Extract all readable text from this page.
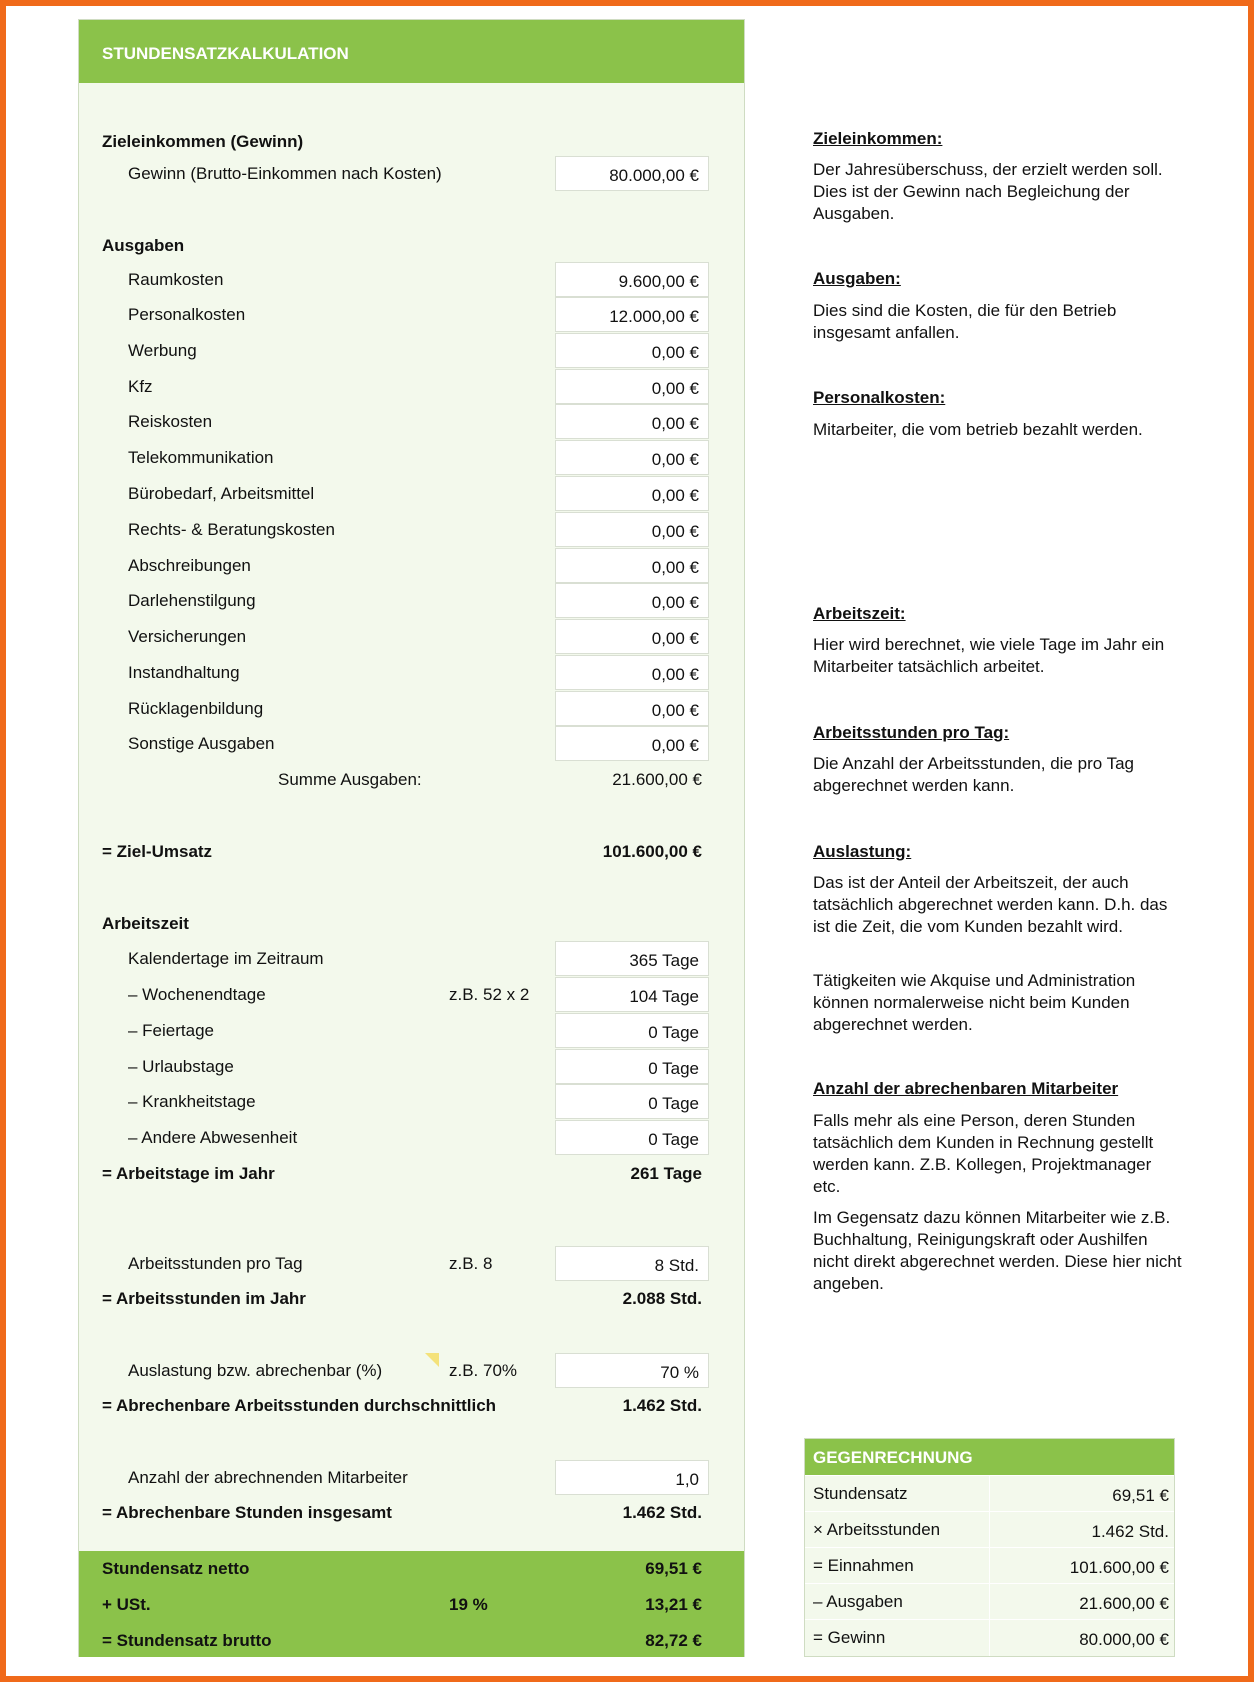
STUNDENSATZKALKULATION
Zieleinkommen (Gewinn)
Gewinn (Brutto-Einkommen nach Kosten)	80.000,00 €
Ausgaben
Raumkosten	9.600,00 €
Personalkosten	12.000,00 €
Werbung	0,00 €
Kfz	0,00 €
Reiskosten	0,00 €
Telekommunikation	0,00 €
Bürobedarf, Arbeitsmittel	0,00 €
Rechts- & Beratungskosten	0,00 €
Abschreibungen	0,00 €
Darlehenstilgung	0,00 €
Versicherungen	0,00 €
Instandhaltung	0,00 €
Rücklagenbildung	0,00 €
Sonstige Ausgaben	0,00 €
Summe Ausgaben:	21.600,00 €
= Ziel-Umsatz	101.600,00 €
Arbeitszeit
Kalendertage im Zeitraum	365 Tage
– Wochenendtage	z.B. 52 x 2	104 Tage
– Feiertage	0 Tage
– Urlaubstage	0 Tage
– Krankheitstage	0 Tage
– Andere Abwesenheit	0 Tage
= Arbeitstage im Jahr	261 Tage
Arbeitsstunden pro Tag	z.B. 8	8 Std.
= Arbeitsstunden im Jahr	2.088 Std.
Auslastung bzw. abrechenbar (%)	z.B. 70%	70 %
= Abrechenbare Arbeitsstunden durchschnittlich	1.462 Std.
Anzahl der abrechnenden Mitarbeiter	1,0
= Abrechenbare Stunden insgesamt	1.462 Std.
Stundensatz netto	69,51 €
+ USt.	19 %	13,21 €
= Stundensatz brutto	82,72 €
Zieleinkommen:
Der Jahresüberschuss, der erzielt werden soll. Dies ist der Gewinn nach Begleichung der Ausgaben.
Ausgaben:
Dies sind die Kosten, die für den Betrieb insgesamt anfallen.
Personalkosten:
Mitarbeiter, die vom betrieb bezahlt werden.
Arbeitszeit:
Hier wird berechnet, wie viele Tage im Jahr ein Mitarbeiter tatsächlich arbeitet.
Arbeitsstunden pro Tag:
Die Anzahl der Arbeitsstunden, die pro Tag abgerechnet werden kann.
Auslastung:
Das ist der Anteil der Arbeitszeit, der auch tatsächlich abgerechnet werden kann. D.h. das ist die Zeit, die vom Kunden bezahlt wird.
Tätigkeiten wie Akquise und Administration können normalerweise nicht beim Kunden abgerechnet werden.
Anzahl der abrechenbaren Mitarbeiter
Falls mehr als eine Person, deren Stunden tatsächlich dem Kunden in Rechnung gestellt werden kann. Z.B. Kollegen, Projektmanager etc.
Im Gegensatz dazu können Mitarbeiter wie z.B. Buchhaltung, Reinigungskraft oder Aushilfen nicht direkt abgerechnet werden. Diese hier nicht angeben.
GEGENRECHNUNG
Stundensatz	69,51 €
× Arbeitsstunden	1.462 Std.
= Einnahmen	101.600,00 €
– Ausgaben	21.600,00 €
= Gewinn	80.000,00 €
